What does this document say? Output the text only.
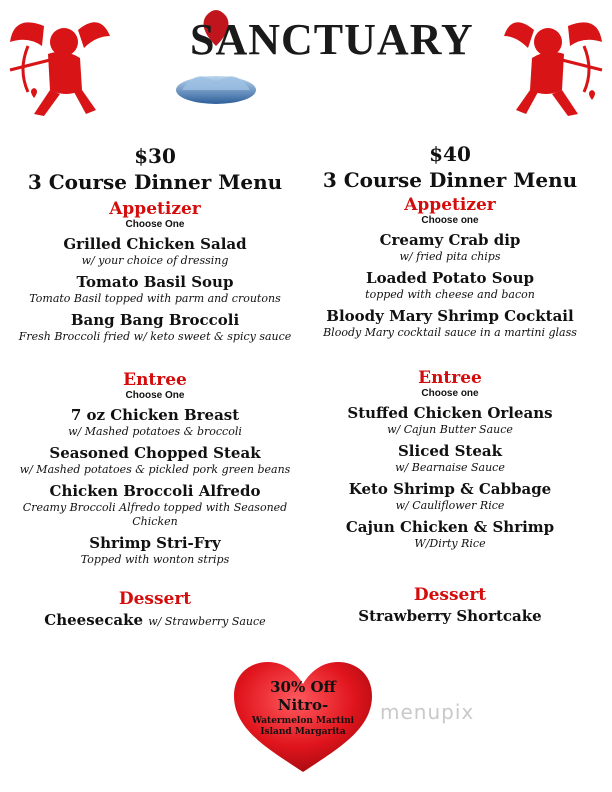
SANCTUARY
$30
3 Course Dinner Menu
Appetizer
Choose One
Grilled Chicken Salad
w/ your choice of dressing
Tomato Basil Soup
Tomato Basil topped with parm and croutons
Bang Bang Broccoli
Fresh Broccoli fried w/ keto sweet & spicy sauce
Entree
Choose One
7 oz Chicken Breast
w/ Mashed potatoes & broccoli
Seasoned Chopped Steak
w/ Mashed potatoes & pickled pork green beans
Chicken Broccoli Alfredo
Creamy Broccoli Alfredo topped with Seasoned Chicken
Shrimp Stri-Fry
Topped with wonton strips
Dessert
Cheesecake w/ Strawberry Sauce
$40
3 Course Dinner Menu
Appetizer
Choose one
Creamy Crab dip
w/ fried pita chips
Loaded Potato Soup
topped with cheese and bacon
Bloody Mary Shrimp Cocktail
Bloody Mary cocktail sauce in a martini glass
Entree
Choose one
Stuffed Chicken Orleans
w/ Cajun Butter Sauce
Sliced Steak
w/ Bearnaise Sauce
Keto Shrimp & Cabbage
w/ Cauliflower Rice
Cajun Chicken & Shrimp
W/Dirty Rice
Dessert
Strawberry Shortcake
30% Off
Nitro-
Watermelon Martini
Island Margarita
menupix
